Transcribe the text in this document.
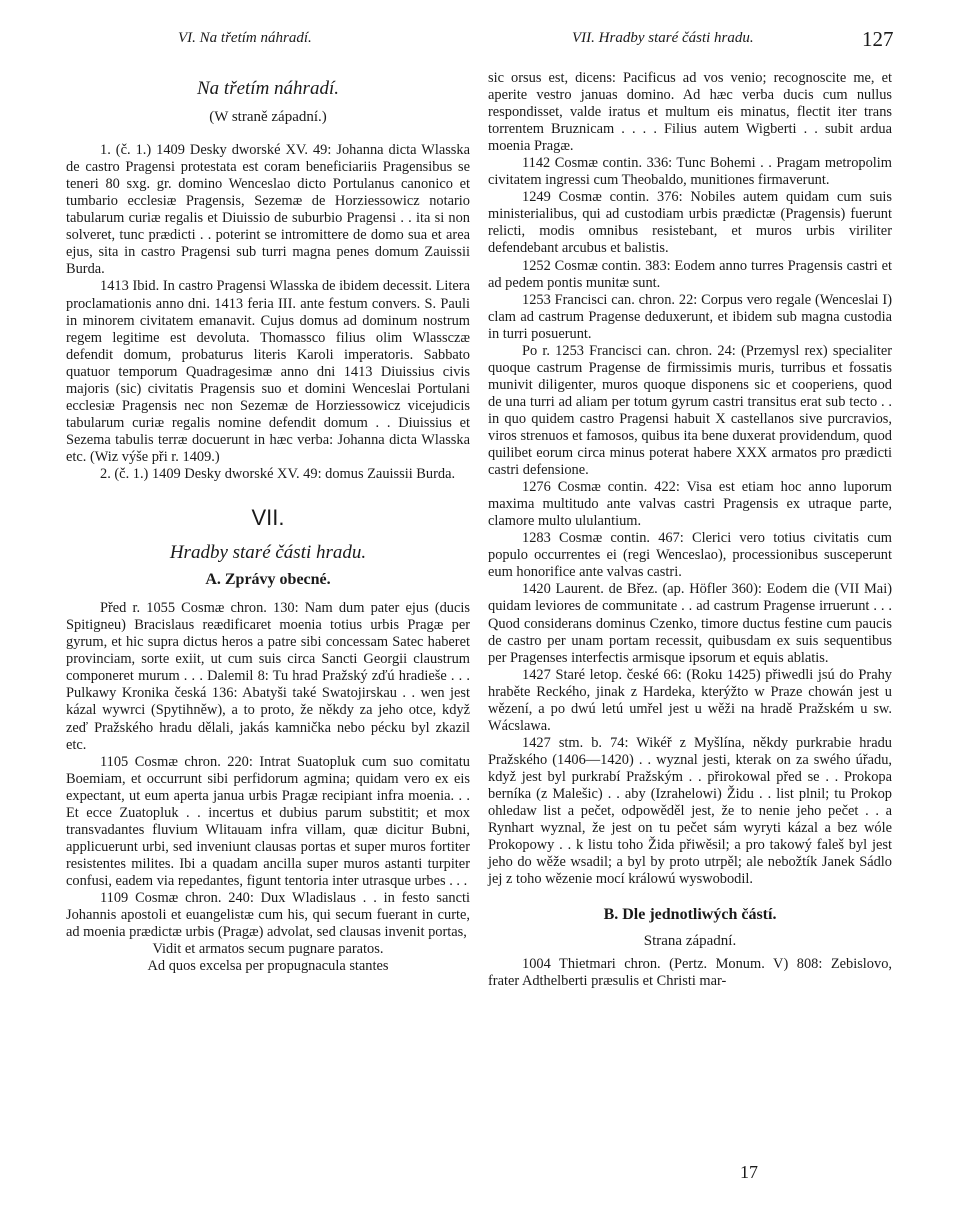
VI. Na třetím náhradí.	VII. Hradby staré části hradu.	127
Na třetím náhradí.
(W straně západní.)

1. (č. 1.) 1409 Desky dworské XV. 49: Johanna dicta Wlasska de castro Pragensi protestata est coram beneficiariis Pragensibus se teneri 80 sxg. gr. domino Wenceslao dicto Portulanus canonico et tumbario ecclesiæ Pragensis, Sezemæ de Horziessowicz notario tabularum curiæ regalis et Diuissio de suburbio Pragensi . . ita si non solveret, tunc prædicti . . poterint se intromittere de domo sua et area ejus, sita in castro Pragensi sub turri magna penes domum Zauissii Burda.

1413 Ibid. In castro Pragensi Wlasska de ibidem decessit. Litera proclamationis anno dni. 1413 feria III. ante festum convers. S. Pauli in minorem civitatem emanavit. Cujus domus ad dominum nostrum regem legitime est devoluta. Thomassco filius olim Wlassczæ defendit domum, probaturus literis Karoli imperatoris. Sabbato quatuor temporum Quadragesimæ anno dni 1413 Diuissius civis majoris (sic) civitatis Pragensis suo et domini Wenceslai Portulani ecclesiæ Pragensis nec non Sezemæ de Horziessowicz vicejudicis tabularum curiæ regalis nomine defendit domum . . Diuissius et Sezema tabulis terræ docuerunt in hæc verba: Johanna dicta Wlasska etc. (Wiz výše při r. 1409.)

2. (č. 1.) 1409 Desky dworské XV. 49: domus Zauissii Burda.

VII.
Hradby staré části hradu.
A. Zprávy obecné.

Před r. 1055 Cosmæ chron. 130: Nam dum pater ejus (ducis Spitigneu) Bracislaus reædificaret moenia totius urbis Pragæ per gyrum, et hic supra dictus heros a patre sibi concessam Satec haberet provinciam, sorte exiit, ut cum suis circa Sancti Georgii claustrum componeret murum . . . Dalemil 8: Tu hrad Pražský zďú hradieše . . . Pulkawy Kronika česká 136: Abatyši také Swatojirskau . . wen jest kázal wywrci (Spytihněw), a to proto, že někdy za jeho otce, když zeď Pražského hradu dělali, jakás kamnička nebo pécku byl zkazil etc.

1105 Cosmæ chron. 220: Intrat Suatopluk cum suo comitatu Boemiam, et occurrunt sibi perfidorum agmina; quidam vero ex eis expectant, ut eum aperta janua urbis Pragæ recipiant infra moenia. . . Et ecce Zuatopluk . . incertus et dubius parum substitit; et mox transvadantes fluvium Wlitauam infra villam, quæ dicitur Bubni, applicuerunt urbi, sed inveniunt clausas portas et super muros fortiter resistentes milites. Ibi a quadam ancilla super muros astanti turpiter confusi, eadem via repedantes, figunt tentoria inter utrasque urbes . . .

1109 Cosmæ chron. 240: Dux Wladislaus . . in festo sancti Johannis apostoli et euangelistæ cum his, qui secum fuerant in curte, ad moenia prædictæ urbis (Pragæ) advolat, sed clausas invenit portas,

Vidit et armatos secum pugnare paratos.
Ad quos excelsa per propugnacula stantes

sic orsus est, dicens: Pacificus ad vos venio; recognoscite me, et aperite vestro januas domino. Ad hæc verba ducis cum nullus respondisset, valde iratus et multum eis minatus, flectit iter trans torrentem Bruznicam . . . . Filius autem Wigberti . . subit ardua moenia Pragæ.

1142 Cosmæ contin. 336: Tunc Bohemi . . Pragam metropolim civitatem ingressi cum Theobaldo, munitiones firmaverunt.

1249 Cosmæ contin. 376: Nobiles autem quidam cum suis ministerialibus, qui ad custodiam urbis prædictæ (Pragensis) fuerunt relicti, modis omnibus resistebant, et muros urbis viriliter defendebant arcubus et balistis.

1252 Cosmæ contin. 383: Eodem anno turres Pragensis castri et ad pedem pontis munitæ sunt.

1253 Francisci can. chron. 22: Corpus vero regale (Wenceslai I) clam ad castrum Pragense deduxerunt, et ibidem sub magna custodia in turri posuerunt.

Po r. 1253 Francisci can. chron. 24: (Przemysl rex) specialiter quoque castrum Pragense de firmissimis muris, turribus et fossatis munivit diligenter, muros quoque disponens sic et cooperiens, quod de una turri ad aliam per totum gyrum castri transitus erat sub tecto . . in quo quidem castro Pragensi habuit X castellanos sive purcravios, viros strenuos et famosos, quibus ita bene duxerat providendum, quod quilibet eorum circa minus poterat habere XXX armatos pro prædicti castri defensione.

1276 Cosmæ contin. 422: Visa est etiam hoc anno luporum maxima multitudo ante valvas castri Pragensis ex utraque parte, clamore multo ululantium.

1283 Cosmæ contin. 467: Clerici vero totius civitatis cum populo occurrentes ei (regi Wenceslao), processionibus susceperunt eum honorifice ante valvas castri.

1420 Laurent. de Břez. (ap. Höfler 360): Eodem die (VII Mai) quidam leviores de communitate . . ad castrum Pragense irruerunt . . . Quod considerans dominus Czenko, timore ductus festine cum paucis de castro per unam portam recessit, quibusdam ex suis sequentibus per Pragenses interfectis armisque ipsorum et equis ablatis.

1427 Staré letop. české 66: (Roku 1425) přiwedli jsú do Prahy hraběte Reckého, jinak z Hardeka, kterýžto w Praze chowán jest u wězení, a po dwú letú umřel jest u wěži na hradě Pražském u sw. Wácslawa.

1427 stm. b. 74: Wikéř z Myšlína, někdy purkrabie hradu Pražského (1406—1420) . . wyznal jesti, kterak on za swého úřadu, když jest byl purkrabí Pražským . . přirokowal před se . . Prokopa berníka (z Malešic) . . aby (Izrahelowi) Židu . . list plnil; tu Prokop ohledaw list a pečet, odpowěděl jest, že to nenie jeho pečet . . a Rynhart wyznal, že jest on tu pečet sám wyryti kázal a bez wóle Prokopowy . . k listu toho Žida přiwěsil; a pro takowý faleš byl jest jeho do wěže wsadil; a byl by proto utrpěl; ale nebožtík Janek Sádlo jej z toho wězenie mocí králowú wyswobodil.

B. Dle jednotliwých částí.
Strana západní.

1004 Thietmari chron. (Pertz. Monum. V) 808: Zebislovo, frater Adthelberti præsulis et Christi mar-

17
